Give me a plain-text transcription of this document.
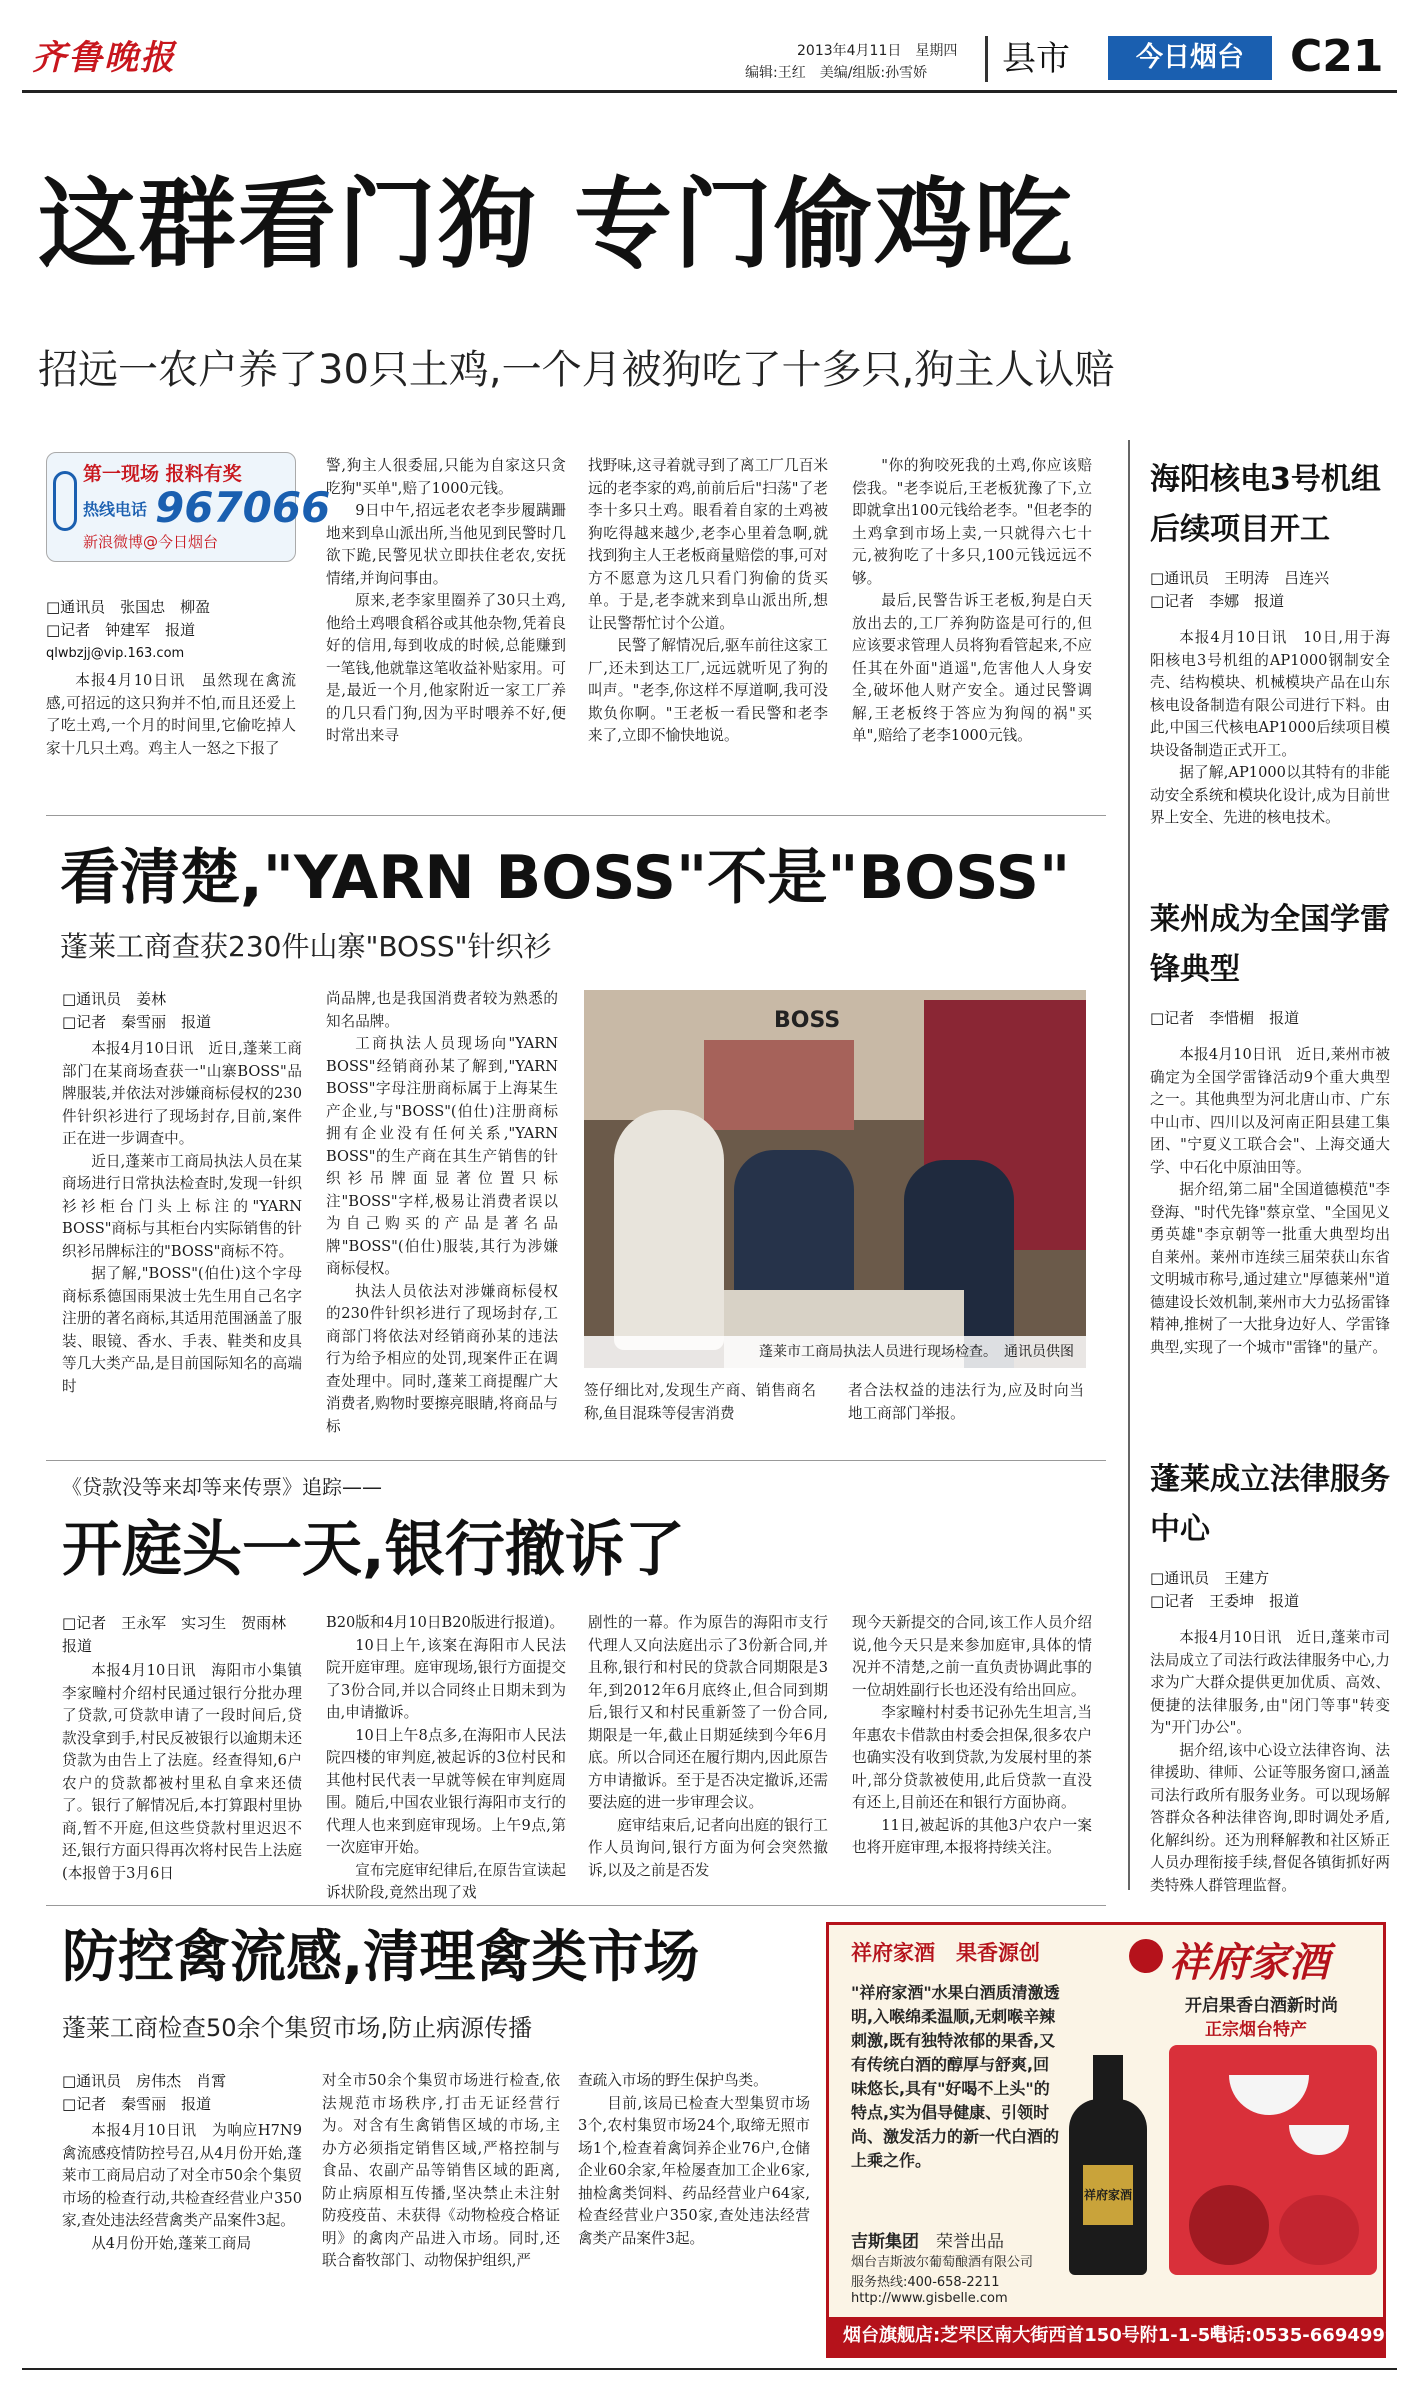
齐鲁晚报	2013年4月11日　 星期四
编辑:王红　美编/组版:孙雪娇 县市	今日烟台	C21
这群看门狗 专门偷鸡吃
招远一农户养了30只土鸡,一个月被狗吃了十多只,狗主人认赔
第一现场 报料有奖
热线电话 967066
新浪微博@今日烟台
□通讯员　张国忠　柳盈
□记者　钟建军　报道
qlwbzjj@vip.163.com

本报4月10日讯　虽然现在禽流感,可招远的这只狗并不怕,而且还爱上了吃土鸡,一个月的时间里,它偷吃掉人家十几只土鸡。鸡主人一怒之下报了

警,狗主人很委屈,只能为自家这只贪吃狗"买单",赔了1000元钱。

9日中午,招远老农老李步履蹒跚地来到阜山派出所,当他见到民警时几欲下跪,民警见状立即扶住老农,安抚情绪,并询问事由。

原来,老李家里圈养了30只土鸡,他给土鸡喂食稻谷或其他杂物,凭着良好的信用,每到收成的时候,总能赚到一笔钱,他就靠这笔收益补贴家用。可是,最近一个月,他家附近一家工厂养的几只看门狗,因为平时喂养不好,便时常出来寻

找野味,这寻着就寻到了离工厂几百米远的老李家的鸡,前前后后"扫荡"了老李十多只土鸡。眼看着自家的土鸡被狗吃得越来越少,老李心里着急啊,就找到狗主人王老板商量赔偿的事,可对方不愿意为这几只看门狗偷的货买单。于是,老李就来到阜山派出所,想让民警帮忙讨个公道。

民警了解情况后,驱车前往这家工厂,还未到达工厂,远远就听见了狗的叫声。"老李,你这样不厚道啊,我可没欺负你啊。"王老板一看民警和老李来了,立即不愉快地说。

"你的狗咬死我的土鸡,你应该赔偿我。"老李说后,王老板犹豫了下,立即就拿出100元钱给老李。"但老李的土鸡拿到市场上卖,一只就得六七十元,被狗吃了十多只,100元钱远远不够。

最后,民警告诉王老板,狗是白天放出去的,工厂养狗防盗是可行的,但应该要求管理人员将狗看管起来,不应任其在外面"逍遥",危害他人人身安全,破坏他人财产安全。通过民警调解,王老板终于答应为狗闯的祸"买单",赔给了老李1000元钱。

海阳核电3号机组后续项目开工
□通讯员　王明涛　吕连兴
□记者　李娜　报道

本报4月10日讯　10日,用于海阳核电3号机组的AP1000钢制安全壳、结构模块、机械模块产品在山东核电设备制造有限公司进行下料。由此,中国三代核电AP1000后续项目模块设备制造正式开工。

据了解,AP1000以其特有的非能动安全系统和模块化设计,成为目前世界上安全、先进的核电技术。

莱州成为全国学雷锋典型
□记者　李惜楣　报道

本报4月10日讯　近日,莱州市被确定为全国学雷锋活动9个重大典型之一。其他典型为河北唐山市、广东中山市、四川以及河南正阳县建工集团、"宁夏义工联合会"、上海交通大学、中石化中原油田等。

据介绍,第二届"全国道德模范"李登海、"时代先锋"蔡京堂、"全国见义勇英雄"李京朝等一批重大典型均出自莱州。莱州市连续三届荣获山东省文明城市称号,通过建立"厚德莱州"道德建设长效机制,莱州市大力弘扬雷锋精神,推树了一大批身边好人、学雷锋典型,实现了一个城市"雷锋"的量产。

蓬莱成立法律服务中心
□通讯员　王建方
□记者　王委坤　报道

本报4月10日讯　近日,蓬莱市司法局成立了司法行政法律服务中心,力求为广大群众提供更加优质、高效、便捷的法律服务,由"闭门等事"转变为"开门办公"。

据介绍,该中心设立法律咨询、法律援助、律师、公证等服务窗口,涵盖司法行政所有服务业务。可以现场解答群众各种法律咨询,即时调处矛盾,化解纠纷。还为刑释解教和社区矫正人员办理衔接手续,督促各镇街抓好两类特殊人群管理监督。

看清楚,"YARN BOSS"不是"BOSS"
蓬莱工商查获230件山寨"BOSS"针织衫
□通讯员　姜林
□记者　秦雪丽　报道

本报4月10日讯　近日,蓬莱工商部门在某商场查获一"山寨BOSS"品牌服装,并依法对涉嫌商标侵权的230件针织衫进行了现场封存,目前,案件正在进一步调查中。

近日,蓬莱市工商局执法人员在某商场进行日常执法检查时,发现一针织衫衫柜台门头上标注的"YARN BOSS"商标与其柜台内实际销售的针织衫吊牌标注的"BOSS"商标不符。

据了解,"BOSS"(伯仕)这个字母商标系德国雨果波士先生用自己名字注册的著名商标,其适用范围涵盖了服装、眼镜、香水、手表、鞋类和皮具等几大类产品,是目前国际知名的高端时

尚品牌,也是我国消费者较为熟悉的知名品牌。

工商执法人员现场向"YARN BOSS"经销商孙某了解到,"YARN BOSS"字母注册商标属于上海某生产企业,与"BOSS"(伯仕)注册商标拥有企业没有任何关系,"YARN BOSS"的生产商在其生产销售的针织衫吊牌面显著位置只标注"BOSS"字样,极易让消费者误以为自己购买的产品是著名品牌"BOSS"(伯仕)服装,其行为涉嫌商标侵权。

执法人员依法对涉嫌商标侵权的230件针织衫进行了现场封存,工商部门将依法对经销商孙某的违法行为给予相应的处罚,现案件正在调查处理中。同时,蓬莱工商提醒广大消费者,购物时要擦亮眼睛,将商品与标

BOSS
蓬莱市工商局执法人员进行现场检查。　通讯员供图

签仔细比对,发现生产商、销售商名称,鱼目混珠等侵害消费

者合法权益的违法行为,应及时向当地工商部门举报。

《贷款没等来却等来传票》追踪——
开庭头一天,银行撤诉了
□记者　王永军　实习生　贺雨林　报道

本报4月10日讯　海阳市小集镇李家疃村介绍村民通过银行分批办理了贷款,可贷款申请了一段时间后,贷款没拿到手,村民反被银行以逾期未还贷款为由告上了法庭。经查得知,6户农户的贷款都被村里私自拿来还债了。银行了解情况后,本打算跟村里协商,暂不开庭,但这些贷款村里迟迟不还,银行方面只得再次将村民告上法庭(本报曾于3月6日

B20版和4月10日B20版进行报道)。

10日上午,该案在海阳市人民法院开庭审理。庭审现场,银行方面提交了3份合同,并以合同终止日期未到为由,申请撤诉。

10日上午8点多,在海阳市人民法院四楼的审判庭,被起诉的3位村民和其他村民代表一早就等候在审判庭周围。随后,中国农业银行海阳市支行的代理人也来到庭审现场。上午9点,第一次庭审开始。

宣布完庭审纪律后,在原告宣读起诉状阶段,竟然出现了戏

剧性的一幕。作为原告的海阳市支行代理人又向法庭出示了3份新合同,并且称,银行和村民的贷款合同期限是3年,到2012年6月底终止,但合同到期后,银行又和村民重新签了一份合同,期限是一年,截止日期延续到今年6月底。所以合同还在履行期内,因此原告方申请撤诉。至于是否决定撤诉,还需要法庭的进一步审理会议。

庭审结束后,记者向出庭的银行工作人员询问,银行方面为何会突然撤诉,以及之前是否发

现今天新提交的合同,该工作人员介绍说,他今天只是来参加庭审,具体的情况并不清楚,之前一直负责协调此事的一位胡姓副行长也还没有给出回应。

李家疃村村委书记孙先生坦言,当年惠农卡借款由村委会担保,很多农户也确实没有收到贷款,为发展村里的茶叶,部分贷款被使用,此后贷款一直没有还上,目前还在和银行方面协商。

11日,被起诉的其他3户农户一案也将开庭审理,本报将持续关注。

防控禽流感,清理禽类市场
蓬莱工商检查50余个集贸市场,防止病源传播
□通讯员　房伟杰　肖霄
□记者　秦雪丽　报道

本报4月10日讯　为响应H7N9禽流感疫情防控号召,从4月份开始,蓬莱市工商局启动了对全市50余个集贸市场的检查行动,共检查经营业户350家,查处违法经营禽类产品案件3起。

从4月份开始,蓬莱工商局

对全市50余个集贸市场进行检查,依法规范市场秩序,打击无证经营行为。对含有生禽销售区域的市场,主办方必须指定销售区域,严格控制与食品、农副产品等销售区域的距离,防止病原相互传播,坚决禁止未注射防疫疫苗、未获得《动物检疫合格证明》的禽肉产品进入市场。同时,还联合畜牧部门、动物保护组织,严

查疏入市场的野生保护鸟类。

目前,该局已检查大型集贸市场3个,农村集贸市场24个,取缔无照市场1个,检查着禽饲养企业76户,仓储企业60余家,年检屡查加工企业6家,抽检禽类饲料、药品经营业户64家,检查经营业户350家,查处违法经营禽类产品案件3起。

祥府家酒　果香源创	祥府家酒
开启果香白酒新时尚
正宗烟台特产
"祥府家酒"水果白酒质清激透明,入喉绵柔温顺,无刺喉辛辣刺激,既有独特浓郁的果香,又有传统白酒的醇厚与舒爽,回味悠长,具有"好喝不上头"的特点,实为倡导健康、引领时尚、激发活力的新一代白酒的上乘之作。
祥府家酒
吉斯集团　 荣誉出品
烟台吉斯波尔葡萄酿酒有限公司
服务热线:400-658-2211
http://www.gisbelle.com
烟台旗舰店:芝罘区南大街西首150号附1-1-5号
电话:0535-6694999
